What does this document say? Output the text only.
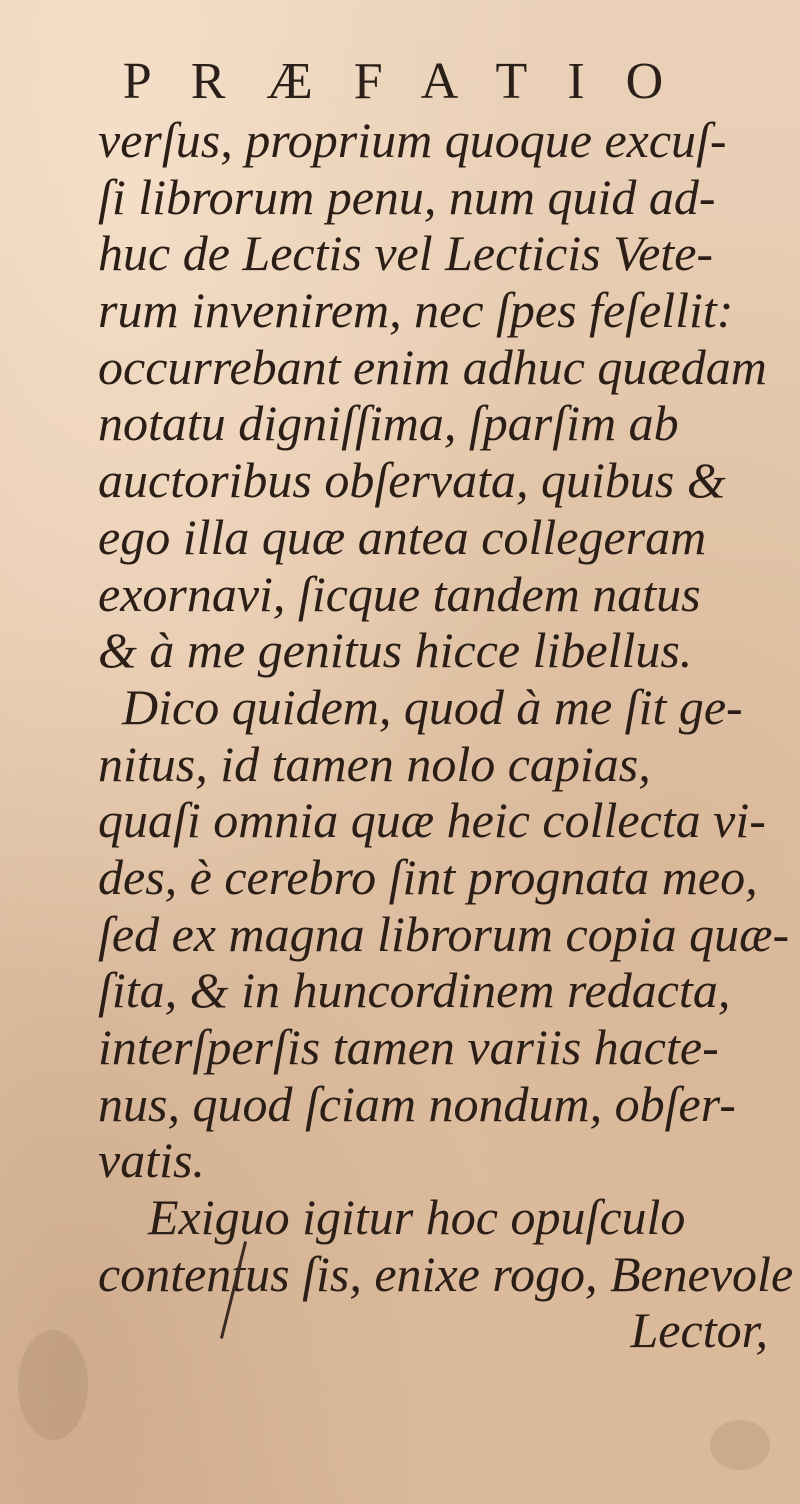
P R Æ F A T I O
verſus, proprium quoque excuſ-
ſi librorum penu, num quid ad-
huc de Lectis vel Lecticis Vete-
rum invenirem, nec ſpes feſellit:
occurrebant enim adhuc quædam
notatu digniſſima, ſparſim ab
auctoribus obſervata, quibus &
ego illa quæ antea collegeram
exornavi, ſicque tandem natus
& à me genitus hicce libellus.
Dico quidem, quod à me ſit ge-
nitus, id tamen nolo capias,
quaſi omnia quæ heic collecta vi-
des, è cerebro ſint prognata meo,
ſed ex magna librorum copia quæ-
ſita, & in huncordinem redacta,
interſperſis tamen variis hacte-
nus, quod ſciam nondum, obſer-
vatis.
Exiguo igitur hoc opuſculo
contentus ſis, enixe rogo, Benevole
Lector,
